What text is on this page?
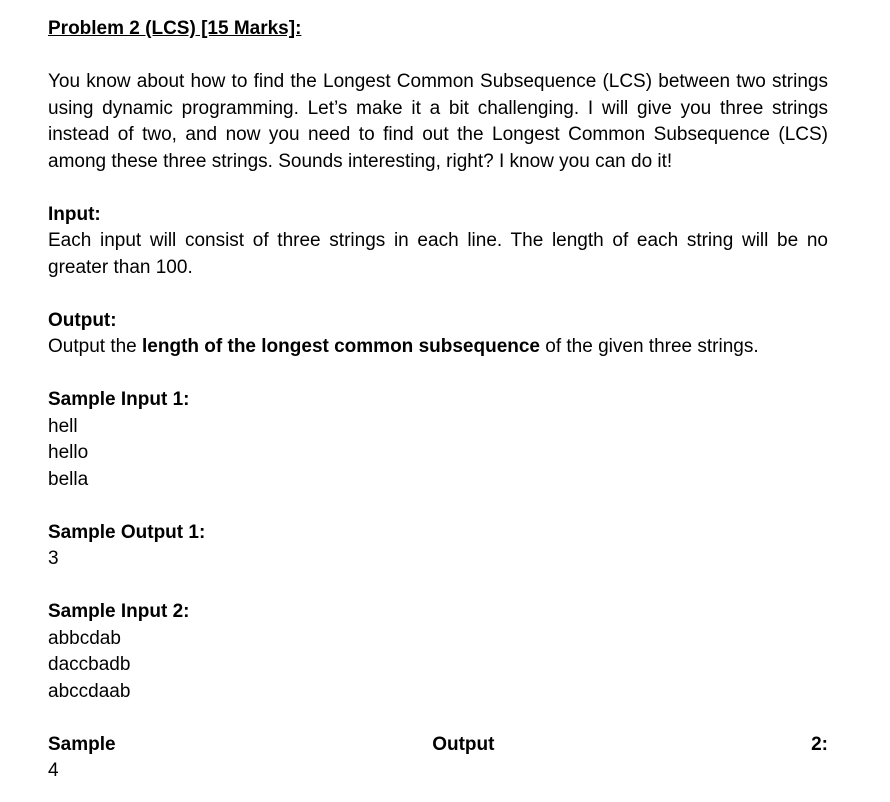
Problem 2 (LCS) [15 Marks]:

You know about how to find the Longest Common Subsequence (LCS) between two strings using dynamic programming. Let’s make it a bit challenging. I will give you three strings instead of two, and now you need to find out the Longest Common Subsequence (LCS) among these three strings. Sounds interesting, right? I know you can do it!

Input:

Each input will consist of three strings in each line. The length of each string will be no greater than 100.

Output:

Output the length of the longest common subsequence of the given three strings.

Sample Input 1:

hell

hello

bella

Sample Output 1:

3

Sample Input 2:

abbcdab

daccbadb

abccdaab

Sample	Output	2:

4
